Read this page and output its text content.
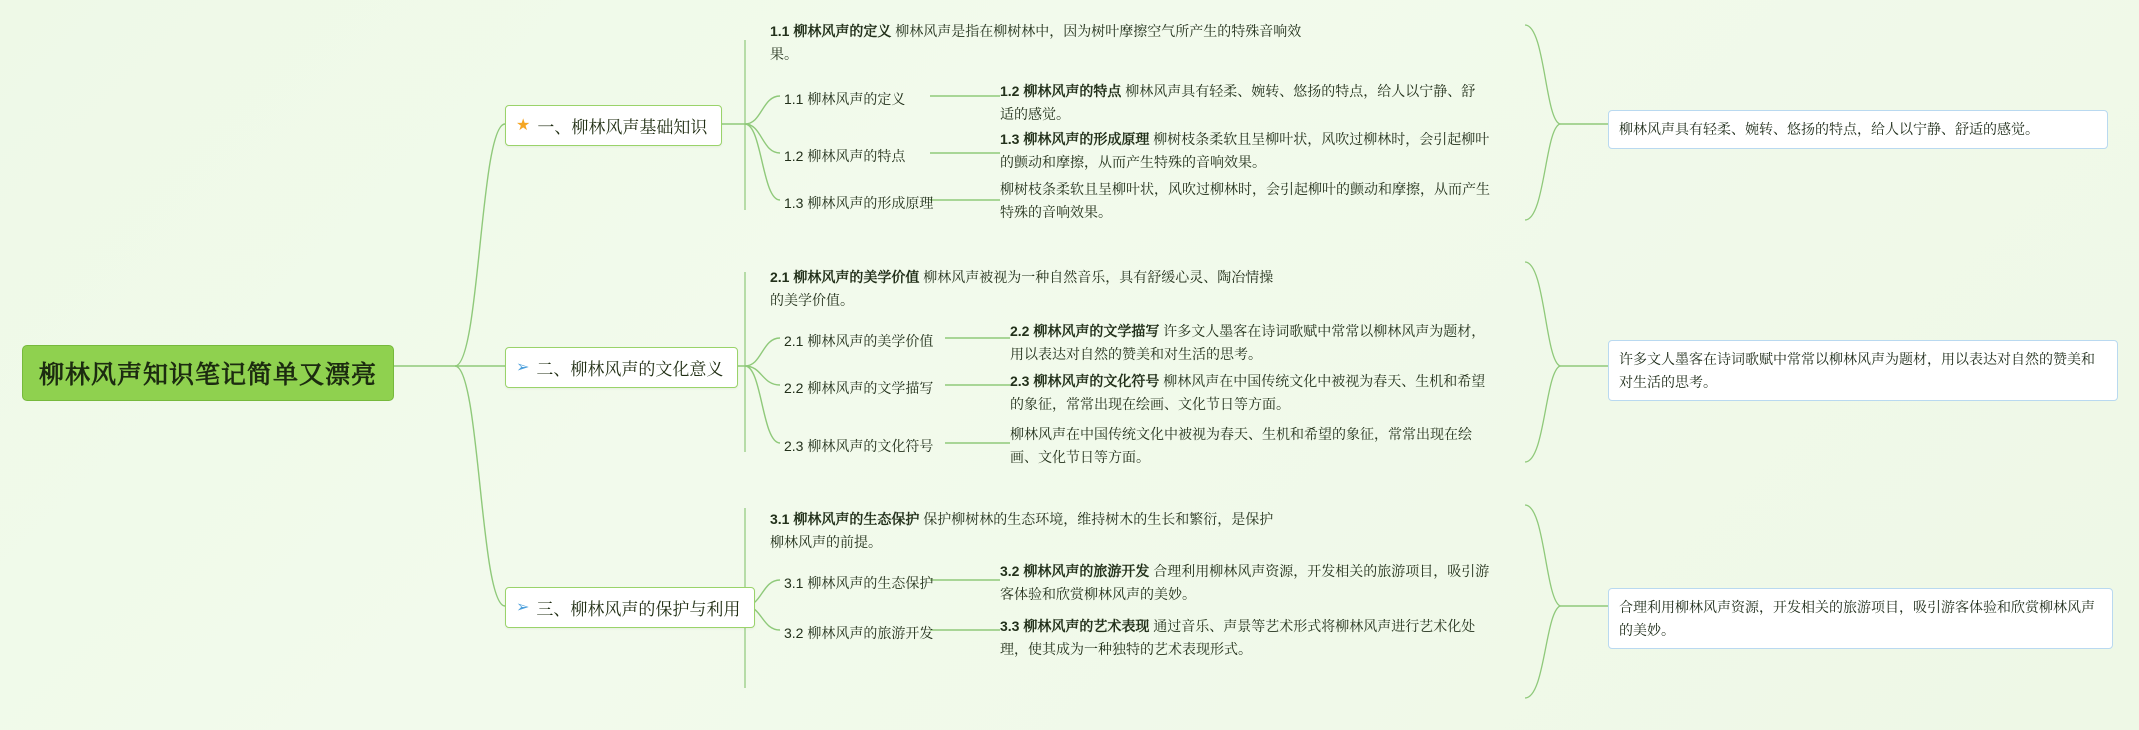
柳林风声知识笔记简单又漂亮
★ 一、柳林风声基础知识
1.1 柳林风声的定义
1.2 柳林风声的特点
1.3 柳林风声的形成原理
1.1 柳林风声的定义 柳林风声是指在柳树林中，因为树叶摩擦空气所产生的特殊音响效果。
1.2 柳林风声的特点 柳林风声具有轻柔、婉转、悠扬的特点，给人以宁静、舒适的感觉。
1.3 柳林风声的形成原理 柳树枝条柔软且呈柳叶状，风吹过柳林时，会引起柳叶的颤动和摩擦，从而产生特殊的音响效果。
柳树枝条柔软且呈柳叶状，风吹过柳林时，会引起柳叶的颤动和摩擦，从而产生特殊的音响效果。
柳林风声具有轻柔、婉转、悠扬的特点，给人以宁静、舒适的感觉。
➢ 二、柳林风声的文化意义
2.1 柳林风声的美学价值
2.2 柳林风声的文学描写
2.3 柳林风声的文化符号
2.1 柳林风声的美学价值 柳林风声被视为一种自然音乐，具有舒缓心灵、陶冶情操的美学价值。
2.2 柳林风声的文学描写 许多文人墨客在诗词歌赋中常常以柳林风声为题材，用以表达对自然的赞美和对生活的思考。
2.3 柳林风声的文化符号 柳林风声在中国传统文化中被视为春天、生机和希望的象征，常常出现在绘画、文化节日等方面。
柳林风声在中国传统文化中被视为春天、生机和希望的象征，常常出现在绘画、文化节日等方面。
许多文人墨客在诗词歌赋中常常以柳林风声为题材，用以表达对自然的赞美和对生活的思考。
➢ 三、柳林风声的保护与利用
3.1 柳林风声的生态保护
3.2 柳林风声的旅游开发
3.1 柳林风声的生态保护 保护柳树林的生态环境，维持树木的生长和繁衍，是保护柳林风声的前提。
3.2 柳林风声的旅游开发 合理利用柳林风声资源，开发相关的旅游项目，吸引游客体验和欣赏柳林风声的美妙。
3.3 柳林风声的艺术表现 通过音乐、声景等艺术形式将柳林风声进行艺术化处理，使其成为一种独特的艺术表现形式。
合理利用柳林风声资源，开发相关的旅游项目，吸引游客体验和欣赏柳林风声的美妙。
